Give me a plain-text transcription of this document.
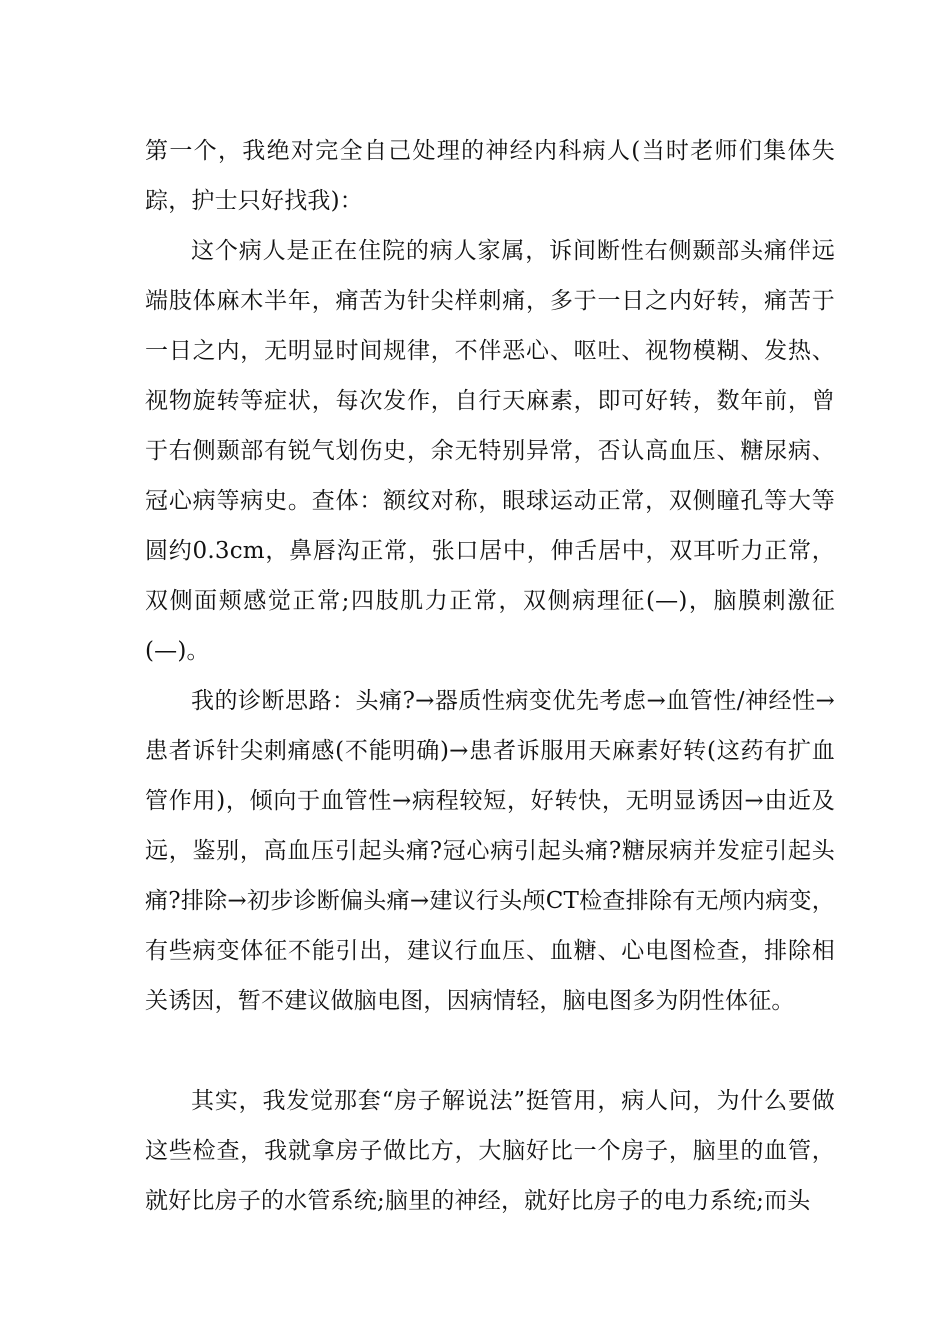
第一个，我绝对完全自己处理的神经内科病人(当时老师们集体失踪，护士只好找我)：

这个病人是正在住院的病人家属，诉间断性右侧颞部头痛伴远端肢体麻木半年，痛苦为针尖样刺痛，多于一日之内好转，痛苦于一日之内，无明显时间规律，不伴恶心、呕吐、视物模糊、发热、视物旋转等症状，每次发作，自行天麻素，即可好转，数年前，曾于右侧颞部有锐气划伤史，余无特别异常，否认高血压、糖尿病、冠心病等病史。查体：额纹对称，眼球运动正常，双侧瞳孔等大等圆约0.3cm，鼻唇沟正常，张口居中，伸舌居中，双耳听力正常，双侧面颊感觉正常;四肢肌力正常，双侧病理征(—)，脑膜刺激征(—)。

我的诊断思路：头痛?→器质性病变优先考虑→血管性/神经性→患者诉针尖刺痛感(不能明确)→患者诉服用天麻素好转(这药有扩血管作用)，倾向于血管性→病程较短，好转快，无明显诱因→由近及远，鉴别，高血压引起头痛?冠心病引起头痛?糖尿病并发症引起头痛?排除→初步诊断偏头痛→建议行头颅CT检查排除有无颅内病变，有些病变体征不能引出，建议行血压、血糖、心电图检查，排除相关诱因，暂不建议做脑电图，因病情轻，脑电图多为阴性体征。

其实，我发觉那套“房子解说法”挺管用，病人问，为什么要做这些检查，我就拿房子做比方，大脑好比一个房子，脑里的血管，就好比房子的水管系统;脑里的神经，就好比房子的电力系统;而头
